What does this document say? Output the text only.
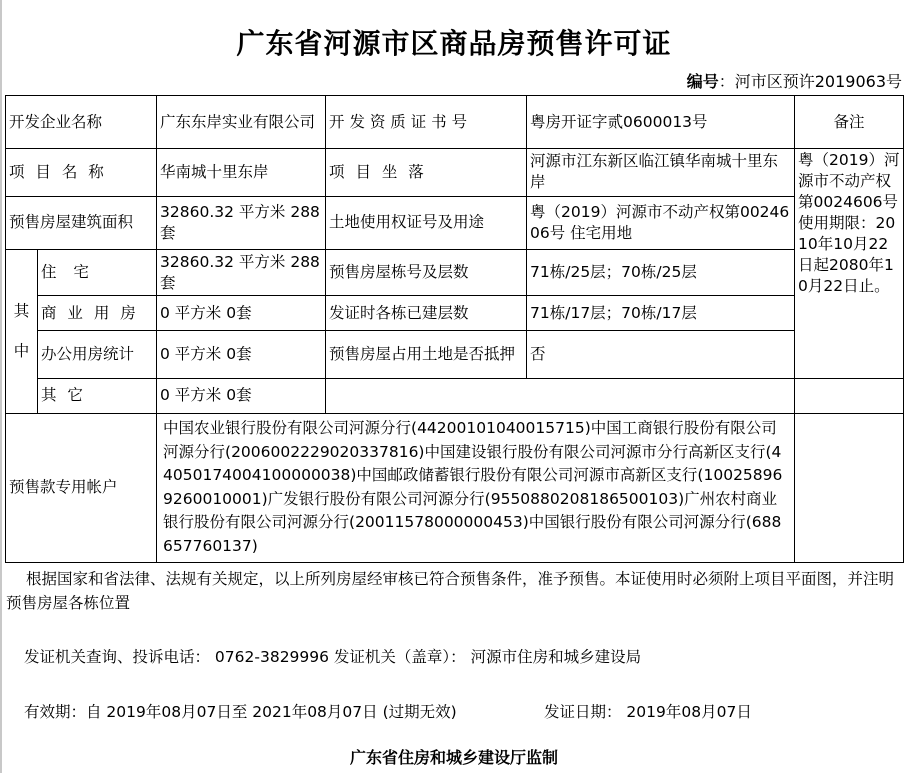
广东省河源市区商品房预售许可证
编号：河市区预许2019063号
开发企业名称		广东东岸实业有限公司	开 发 资 质 证 书 号	粤房开证字贰0600013号	备注	
项 目 名 称		华南城十里东岸	项 目 坐 落	河源市江东新区临江镇华南城十里东岸	粤（2019）河源市不动产权第0024606号使用期限：2010年10月22日起2080年10月22日止。	
预售房屋建筑面积		32860.32 平方米 288套	土地使用权证号及用途	粤（2019）河源市不动产权第0024606号 住宅用地		
其中	住 宅	32860.32 平方米 288套	预售房屋栋号及层数	71栋/25层；70栋/25层		
	商 业 用 房	0 平方米 0套	发证时各栋已建层数	71栋/17层；70栋/17层		
	办公用房统计	0 平方米 0套	预售房屋占用土地是否抵押	否		
	其 它	0 平方米 0套				
预售款专用帐户		中国农业银行股份有限公司河源分行(44200101040015715)中国工商银行股份有限公司河源分行(2006002229020337816)中国建设银行股份有限公司河源市分行高新区支行(44050174004100000038)中国邮政储蓄银行股份有限公司河源市高新区支行(100258969260010001)广发银行股份有限公司河源分行(9550880208186500103)广州农村商业银行股份有限公司河源分行(20011578000000453)中国银行股份有限公司河源分行(688657760137)				
根据国家和省法律、法规有关规定，以上所列房屋经审核已符合预售条件，准予预售。本证使用时必须附上项目平面图，并注明预售房屋各栋位置
发证机关查询、投诉电话： 0762-3829996 发证机关（盖章）： 河源市住房和城乡建设局
有效期：自 2019年08月07日至 2021年08月07日 (过期无效)	发证日期： 2019年08月07日
广东省住房和城乡建设厅监制
